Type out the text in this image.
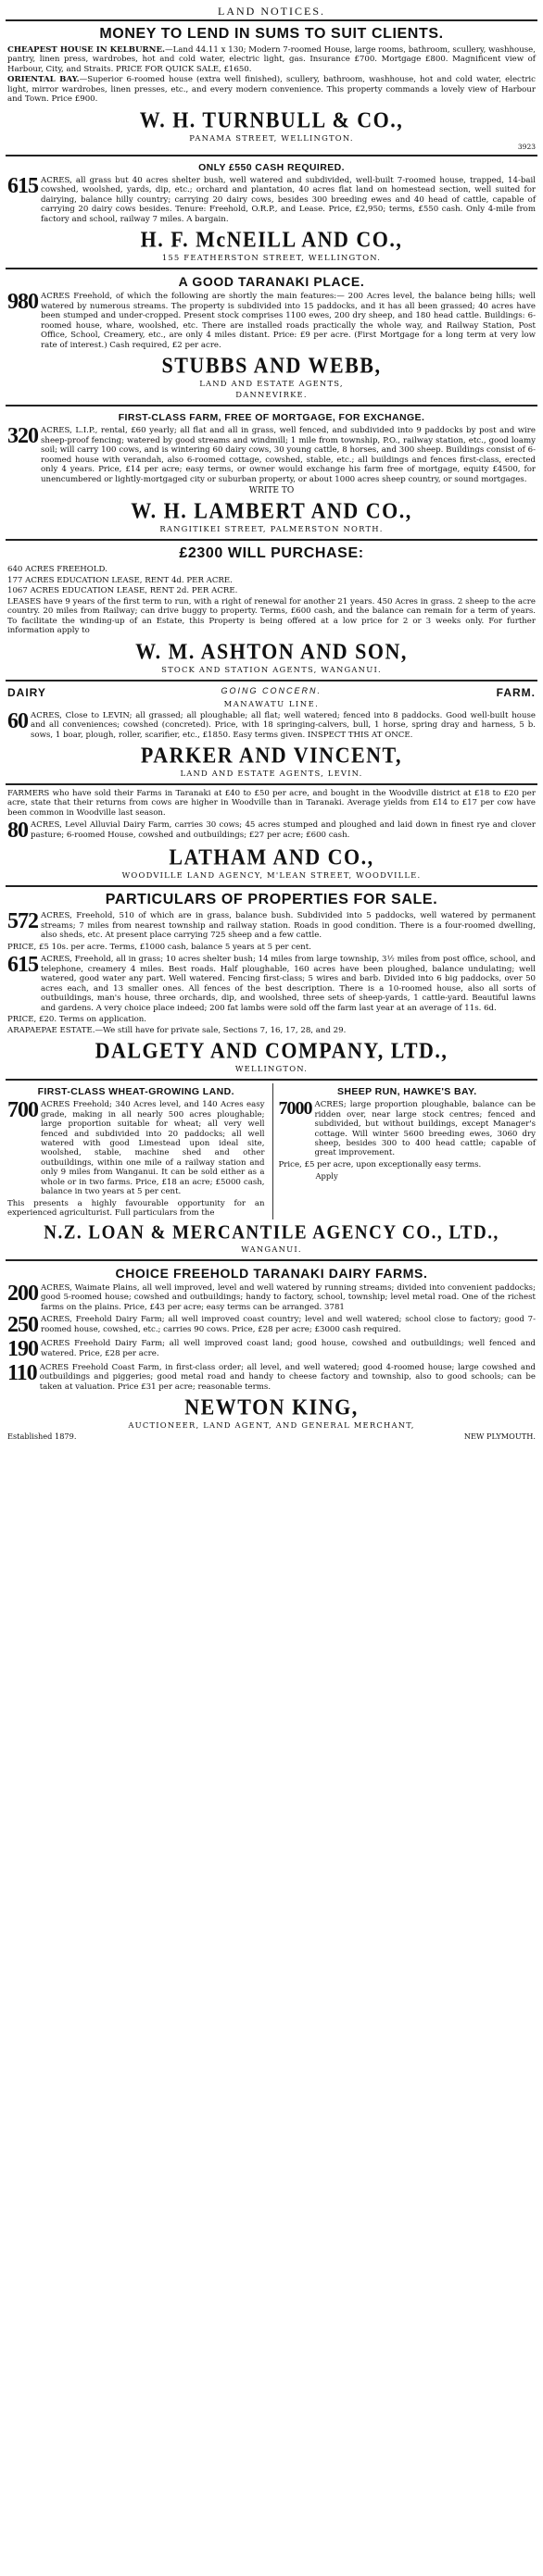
LAND NOTICES.
MONEY TO LEND IN SUMS TO SUIT CLIENTS.

CHEAPEST HOUSE IN KELBURNE.—Land 44.11 x 130; Modern 7-roomed House, large rooms, bathroom, scullery, washhouse, pantry, linen press, wardrobes, hot and cold water, electric light, gas. Insurance £700. Mortgage £800. Magnificent view of Harbour, City, and Straits. PRICE FOR QUICK SALE, £1650.

ORIENTAL BAY.—Superior 6-roomed house (extra well finished), scullery, bathroom, washhouse, hot and cold water, electric light, mirror wardrobes, linen presses, etc., and every modern convenience. This property commands a lovely view of Harbour and Town. Price £900.

W. H. TURNBULL & CO.,
PANAMA STREET, WELLINGTON.
3923
ONLY £550 CASH REQUIRED.
615 ACRES, all grass but 40 acres shelter bush, well watered and subdivided, well-built 7-roomed house, trapped, 14-bail cowshed, woolshed, yards, dip, etc.; orchard and plantation, 40 acres flat land on homestead section, well suited for dairying, balance hilly country; carrying 20 dairy cows, besides 300 breeding ewes and 40 head of cattle, capable of carrying 20 dairy cows besides. Tenure: Freehold, O.R.P., and Lease. Price, £2,950; terms, £550 cash. Only 4-mile from factory and school, railway 7 miles. A bargain.
H. F. McNEILL AND CO.,
155 FEATHERSTON STREET, WELLINGTON.
A GOOD TARANAKI PLACE.
980 ACRES Freehold, of which the following are shortly the main features:— 200 Acres level, the balance being hills; well watered by numerous streams. The property is subdivided into 15 paddocks, and it has all been grassed; 40 acres have been stumped and under-cropped. Present stock comprises 1100 ewes, 200 dry sheep, and 180 head cattle. Buildings: 6-roomed house, whare, woolshed, etc. There are installed roads practically the whole way, and Railway Station, Post Office, School, Creamery, etc., are only 4 miles distant. Price: £9 per acre. (First Mortgage for a long term at very low rate of interest.) Cash required, £2 per acre.
STUBBS AND WEBB,
LAND AND ESTATE AGENTS,
DANNEVIRKE.
FIRST-CLASS FARM, FREE OF MORTGAGE, FOR EXCHANGE.
320 ACRES, L.I.P., rental, £60 yearly; all flat and all in grass, well fenced, and subdivided into 9 paddocks by post and wire sheep-proof fencing; watered by good streams and windmill; 1 mile from township, P.O., railway station, etc., good loamy soil; will carry 100 cows, and is wintering 60 dairy cows, 30 young cattle, 8 horses, and 300 sheep. Buildings consist of 6-roomed house with verandah, also 6-roomed cottage, cowshed, stable, etc.; all buildings and fences first-class, erected only 4 years. Price, £14 per acre; easy terms, or owner would exchange his farm free of mortgage, equity £4500, for unencumbered or lightly-mortgaged city or suburban property, or about 1000 acres sheep country, or sound mortgages.
WRITE TO
W. H. LAMBERT AND CO.,
RANGITIKEI STREET, PALMERSTON NORTH.
£2300 WILL PURCHASE:

640 ACRES FREEHOLD.

177 ACRES EDUCATION LEASE, RENT 4d. PER ACRE.

1067 ACRES EDUCATION LEASE, RENT 2d. PER ACRE.

LEASES have 9 years of the first term to run, with a right of renewal for another 21 years. 450 Acres in grass. 2 sheep to the acre country. 20 miles from Railway; can drive buggy to property. Terms, £600 cash, and the balance can remain for a term of years. To facilitate the winding-up of an Estate, this Property is being offered at a low price for 2 or 3 weeks only. For further information apply to

W. M. ASHTON AND SON,
STOCK AND STATION AGENTS, WANGANUI.
DAIRY	GOING CONCERN.	FARM.
MANAWATU LINE.
60 ACRES, Close to LEVIN; all grassed; all ploughable; all flat; well watered; fenced into 8 paddocks. Good well-built house and all conveniences; cowshed (concreted). Price, with 18 springing-calvers, bull, 1 horse, spring dray and harness, 5 b. sows, 1 boar, plough, roller, scarifier, etc., £1850. Easy terms given. INSPECT THIS AT ONCE.
PARKER AND VINCENT,
LAND AND ESTATE AGENTS, LEVIN.

FARMERS who have sold their Farms in Taranaki at £40 to £50 per acre, and bought in the Woodville district at £18 to £20 per acre, state that their returns from cows are higher in Woodville than in Taranaki. Average yields from £14 to £17 per cow have been common in Woodville last season.

80 ACRES, Level Alluvial Dairy Farm, carries 30 cows; 45 acres stumped and ploughed and laid down in finest rye and clover pasture; 6-roomed House, cowshed and outbuildings; £27 per acre; £600 cash.
LATHAM AND CO.,
WOODVILLE LAND AGENCY, M'LEAN STREET, WOODVILLE.
PARTICULARS OF PROPERTIES FOR SALE.
572 ACRES, Freehold, 510 of which are in grass, balance bush. Subdivided into 5 paddocks, well watered by permanent streams; 7 miles from nearest township and railway station. Roads in good condition. There is a four-roomed dwelling, also sheds, etc. At present place carrying 725 sheep and a few cattle.

PRICE, £5 10s. per acre. Terms, £1000 cash, balance 5 years at 5 per cent.

615 ACRES, Freehold, all in grass; 10 acres shelter bush; 14 miles from large township, 3½ miles from post office, school, and telephone, creamery 4 miles. Best roads. Half ploughable, 160 acres have been ploughed, balance undulating; well watered, good water any part. Well watered. Fencing first-class; 5 wires and barb. Divided into 6 big paddocks, over 50 acres each, and 13 smaller ones. All fences of the best description. There is a 10-roomed house, also all sorts of outbuildings, man's house, three orchards, dip, and woolshed, three sets of sheep-yards, 1 cattle-yard. Beautiful lawns and gardens. A very choice place indeed; 200 fat lambs were sold off the farm last year at an average of 11s. 6d.

PRICE, £20. Terms on application.

ARAPAEPAE ESTATE.—We still have for private sale, Sections 7, 16, 17, 28, and 29.

DALGETY AND COMPANY, LTD.,
WELLINGTON.
FIRST-CLASS WHEAT-GROWING LAND.
700 ACRES Freehold; 340 Acres level, and 140 Acres easy grade, making in all nearly 500 acres ploughable; large proportion suitable for wheat; all very well fenced and subdivided into 20 paddocks; all well watered with good Limestead upon ideal site, woolshed, stable, machine shed and other outbuildings, within one mile of a railway station and only 9 miles from Wanganui. It can be sold either as a whole or in two farms. Price, £18 an acre; £5000 cash, balance in two years at 5 per cent.

This presents a highly favourable opportunity for an experienced agriculturist. Full particulars from the

SHEEP RUN, HAWKE'S BAY.
7000 ACRES; large proportion ploughable, balance can be ridden over, near large stock centres; fenced and subdivided, but without buildings, except Manager's cottage. Will winter 5600 breeding ewes, 3060 dry sheep, besides 300 to 400 head cattle; capable of great improvement.

Price, £5 per acre, upon exceptionally easy terms.

Apply
N.Z. LOAN & MERCANTILE AGENCY CO., LTD.,
WANGANUI.
CHOICE FREEHOLD TARANAKI DAIRY FARMS.
200 ACRES, Waimate Plains, all well improved, level and well watered by running streams; divided into convenient paddocks; good 5-roomed house; cowshed and outbuildings; handy to factory, school, township; level metal road. One of the richest farms on the plains. Price, £43 per acre; easy terms can be arranged. 3781
250 ACRES, Freehold Dairy Farm; all well improved coast country; level and well watered; school close to factory; good 7-roomed house, cowshed, etc.; carries 90 cows. Price, £28 per acre; £3000 cash required.
190 ACRES Freehold Dairy Farm; all well improved coast land; good house, cowshed and outbuildings; well fenced and watered. Price, £28 per acre.
110 ACRES Freehold Coast Farm, in first-class order; all level, and well watered; good 4-roomed house; large cowshed and outbuildings and piggeries; good metal road and handy to cheese factory and township, also to good schools; can be taken at valuation. Price £31 per acre; reasonable terms.
NEWTON KING,
AUCTIONEER, LAND AGENT, AND GENERAL MERCHANT,
Established 1879.	NEW PLYMOUTH.
